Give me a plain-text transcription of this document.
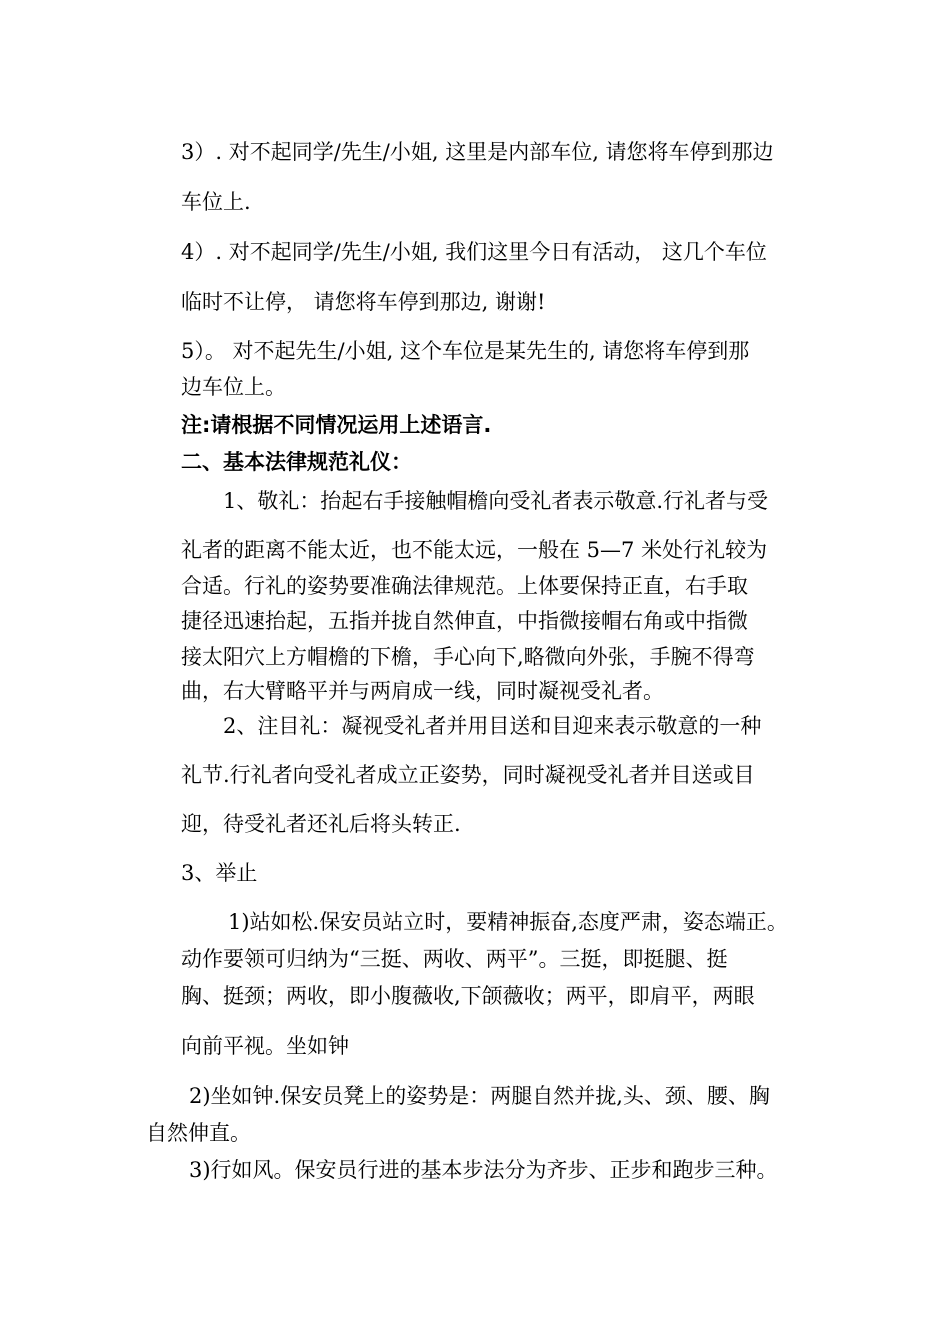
3）. 对不起同学/先生/小姐, 这里是内部车位, 请您将车停到那边
车位上.
4）. 对不起同学/先生/小姐, 我们这里今日有活动， 这几个车位
临时不让停， 请您将车停到那边, 谢谢!
5）。 对不起先生/小姐, 这个车位是某先生的, 请您将车停到那
边车位上。
注:请根据不同情况运用上述语言.
二、基本法律规范礼仪：
1、敬礼：抬起右手接触帽檐向受礼者表示敬意.行礼者与受
礼者的距离不能太近，也不能太远，一般在 5—7 米处行礼较为
合适。行礼的姿势要准确法律规范。上体要保持正直，右手取
捷径迅速抬起，五指并拢自然伸直，中指微接帽右角或中指微
接太阳穴上方帽檐的下檐，手心向下,略微向外张，手腕不得弯
曲，右大臂略平并与两肩成一线，同时凝视受礼者。
2、注目礼：凝视受礼者并用目送和目迎来表示敬意的一种
礼节.行礼者向受礼者成立正姿势，同时凝视受礼者并目送或目
迎，待受礼者还礼后将头转正.
3、举止
1)站如松.保安员站立时，要精神振奋,态度严肃，姿态端正。
动作要领可归纳为“三挺、两收、两平”。三挺，即挺腿、挺
胸、挺颈；两收，即小腹薇收,下颌薇收；两平，即肩平，两眼
向前平视。坐如钟
2)坐如钟.保安员凳上的姿势是：两腿自然并拢,头、颈、腰、胸
自然伸直。
3)行如风。保安员行进的基本步法分为齐步、正步和跑步三种。
